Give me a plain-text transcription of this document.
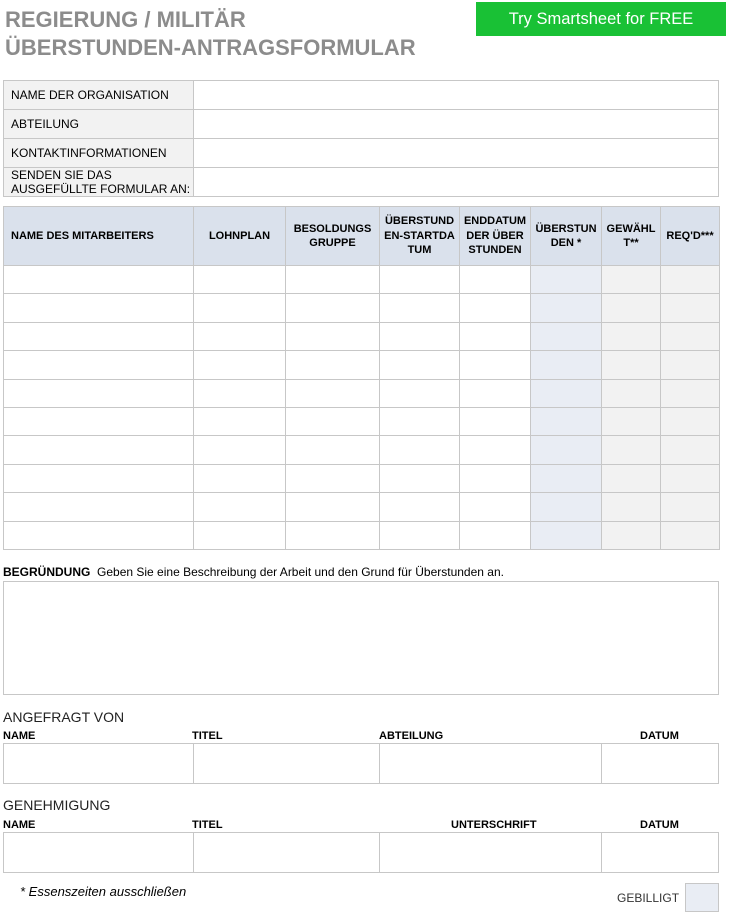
REGIERUNG / MILITÄR
ÜBERSTUNDEN-ANTRAGSFORMULAR
Try Smartsheet for FREE
NAME DER ORGANISATION	
ABTEILUNG	
KONTAKTINFORMATIONEN	
SENDEN SIE DAS AUSGEFÜLLTE FORMULAR AN:	
NAME DES MITARBEITERS	LOHNPLAN	BESOLDUNGS GRUPPE	ÜBERSTUNDEN-STARTDATUM	ENDDATUM DER ÜBERSTUNDEN	ÜBERSTUNDEN *	GEWÄHLT**	REQ'D***

BEGRÜNDUNG Geben Sie eine Beschreibung der Arbeit und den Grund für Überstunden an.
ANGEFRAGT VON
NAME	TITEL	ABTEILUNG	DATUM

GENEHMIGUNG
NAME	TITEL	UNTERSCHRIFT	DATUM

* Essenszeiten ausschließen	GEBILLIGT
